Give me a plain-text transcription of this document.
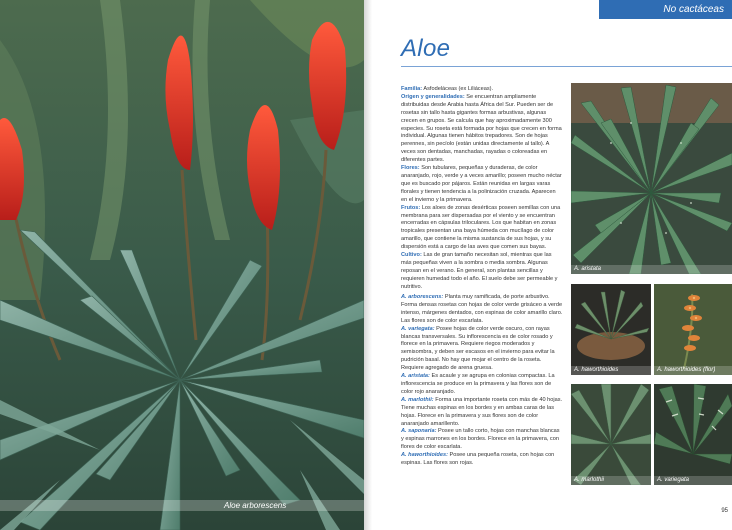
Aloe arborescens
No cactáceas
Aloe
Familia: Asfodeláceas (ex Liliáceas).
Origen y generalidades: Se encuentran ampliamente distribuidas desde Arabia hasta África del Sur. Pueden ser de rosetas sin tallo hasta gigantes formas arbustivas, algunas crecen en grupos. Se calcula que hay aproximadamente 300 especies. Su roseta está formada por hojas que crecen en forma individual. Algunas tienen hábitos trepadores. Son de hojas perennes, sin pecíolo (están unidas directamente al tallo). A veces son dentadas, manchadas, rayadas o coloreadas en diferentes partes.
Flores: Son tubulares, pequeñas y duraderas, de color anaranjado, rojo, verde y a veces amarillo; poseen mucho néctar que es buscado por pájaros. Están reunidas en largas varas florales y tienen tendencia a la polinización cruzada. Aparecen en el invierno y la primavera.
Frutos: Los aloes de zonas desérticas poseen semillas con una membrana para ser dispersadas por el viento y se encuentran encerradas en cápsulas triloculares. Los que habitan en zonas tropicales presentan una baya húmeda con mucílago de color amarillo, que contiene la misma sustancia de sus hojas, y su dispersión está a cargo de las aves que comen sus bayas.
Cultivo: Las de gran tamaño necesitan sol, mientras que las más pequeñas viven a la sombra o media sombra. Algunas reposan en el verano. En general, son plantas sencillas y requieren humedad todo el año. El suelo debe ser permeable y nutritivo.
A. arborescens: Planta muy ramificada, de porte arbustivo. Forma densas rosetas con hojas de color verde grisáceo a verde intenso, márgenes dentados, con espinas de color amarillo claro. Las flores son de color escarlata.
A. variegata: Posee hojas de color verde oscuro, con rayas blancas transversales. Su inflorescencia es de color rosado y florece en la primavera. Requiere riegos moderados y semisombra, y deben ser escasos en el invierno para evitar la pudrición basal. No hay que mojar el centro de la roseta. Requiere agregado de arena gruesa.
A. aristata: Es acaule y se agrupa en colonias compactas. La inflorescencia se produce en la primavera y las flores son de color rojo anaranjado.
A. marlothii: Forma una importante roseta con más de 40 hojas. Tiene muchas espinas en los bordes y en ambas caras de las hojas. Florece en la primavera y sus flores son de color anaranjado amarillento.
A. saponaria: Posee un tallo corto, hojas con manchas blancas y espinas marrones en los bordes. Florece en la primavera, con flores de color escarlata.
A. haworthioides: Posee una pequeña roseta, con hojas con espinas. Las flores son rojas.
A. aristata
A. haworthioides	A. haworthioides (flor)
A. marlothii	A. variegata
95
